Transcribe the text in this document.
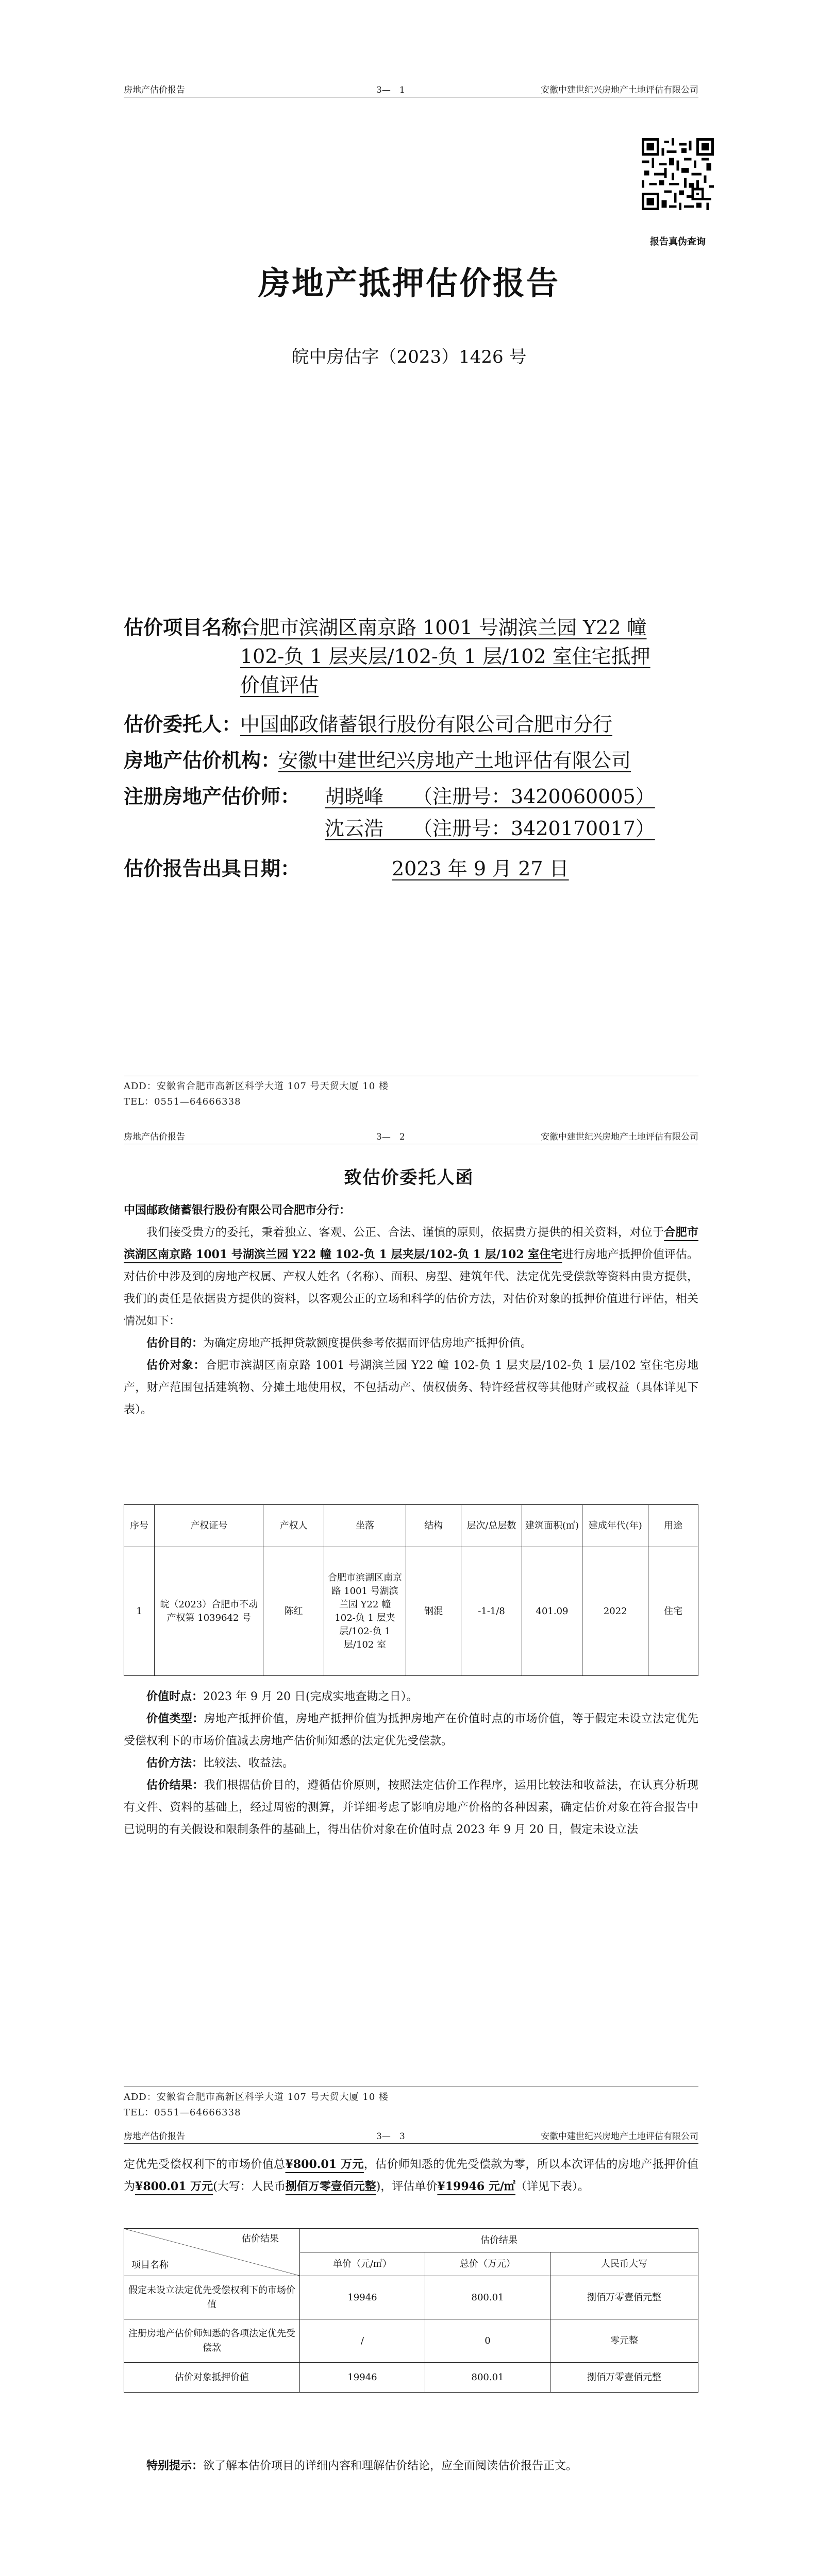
房地产估价报告	3—　1	安徽中建世纪兴房地产土地评估有限公司
报告真伪查询
房地产抵押估价报告
皖中房估字（2023）1426 号
估价项目名称：
合肥市滨湖区南京路 1001 号湖滨兰园 Y22 幢
102-负 1 层夹层/102-负 1 层/102 室住宅抵押
价值评估
估价委托人：
中国邮政储蓄银行股份有限公司合肥市分行
房地产估价机构：
安徽中建世纪兴房地产土地评估有限公司
注册房地产估价师： 胡晓峰　　（注册号：3420060005）
沈云浩　　（注册号：3420170017）
估价报告出具日期：	2023 年 9 月 27 日
ADD：安徽省合肥市高新区科学大道 107 号天贸大厦 10 楼
TEL：0551—64666338
房地产估价报告	3—　2	安徽中建世纪兴房地产土地评估有限公司
致估价委托人函
中国邮政储蓄银行股份有限公司合肥市分行：

我们接受贵方的委托，秉着独立、客观、公正、合法、谨慎的原则，依据贵方提供的相关资料，对位于合肥市滨湖区南京路 1001 号湖滨兰园 Y22 幢 102-负 1 层夹层/102-负 1 层/102 室住宅进行房地产抵押价值评估。对估价中涉及到的房地产权属、产权人姓名（名称）、面积、房型、建筑年代、法定优先受偿款等资料由贵方提供，我们的责任是依据贵方提供的资料，以客观公正的立场和科学的估价方法，对估价对象的抵押价值进行评估，相关情况如下：

估价目的：为确定房地产抵押贷款额度提供参考依据而评估房地产抵押价值。

估价对象：合肥市滨湖区南京路 1001 号湖滨兰园 Y22 幢 102-负 1 层夹层/102-负 1 层/102 室住宅房地产，财产范围包括建筑物、分摊土地使用权，不包括动产、债权债务、特许经营权等其他财产或权益（具体详见下表）。

序号	产权证号	产权人	坐落	结构	层次/总层数	建筑面积(㎡)	建成年代(年)	用途
1	皖（2023）合肥市不动产权第 1039642 号	陈红	合肥市滨湖区南京路 1001 号湖滨兰园 Y22 幢 102-负 1 层夹层/102-负 1 层/102 室	钢混	-1-1/8	401.09	2022	住宅

价值时点：2023 年 9 月 20 日(完成实地查勘之日）。

价值类型：房地产抵押价值，房地产抵押价值为抵押房地产在价值时点的市场价值，等于假定未设立法定优先受偿权利下的市场价值减去房地产估价师知悉的法定优先受偿款。

估价方法：比较法、收益法。

估价结果：我们根据估价目的，遵循估价原则，按照法定估价工作程序，运用比较法和收益法，在认真分析现有文件、资料的基础上，经过周密的测算，并详细考虑了影响房地产价格的各种因素，确定估价对象在符合报告中已说明的有关假设和限制条件的基础上，得出估价对象在价值时点 2023 年 9 月 20 日，假定未设立法

ADD：安徽省合肥市高新区科学大道 107 号天贸大厦 10 楼
TEL：0551—64666338
房地产估价报告	3—　3	安徽中建世纪兴房地产土地评估有限公司
定优先受偿权利下的市场价值总¥800.01 万元，估价师知悉的优先受偿款为零，所以本次评估的房地产抵押价值为¥800.01 万元(大写：人民币捌佰万零壹佰元整)，评估单价¥19946 元/㎡（详见下表）。
估价结果
项目名称	估价结果		
	单价（元/㎡）	总价（万元）	人民币大写
假定未设立法定优先受偿权利下的市场价值	19946	800.01	捌佰万零壹佰元整
注册房地产估价师知悉的各项法定优先受偿款	/	0	零元整
估价对象抵押价值	19946	800.01	捌佰万零壹佰元整

特别提示：欲了解本估价项目的详细内容和理解估价结论，应全面阅读估价报告正文。
